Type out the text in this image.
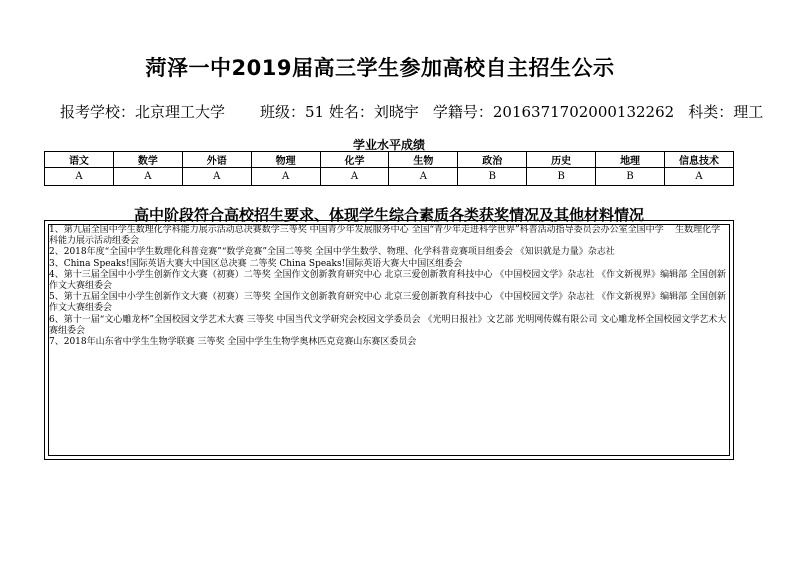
菏泽一中2019届高三学生参加高校自主招生公示
报考学校：北京理工大学 班级：51 姓名：刘晓宇 学籍号：20163717020001322​62 科类：理工
学业水平成绩
语文	数学	外语	物理	化学	生物	政治	历史	地理	信息技术
A	A	A	A	A	A	B	B	B	A
高中阶段符合高校招生要求、体现学生综合素质各类获奖情况及其他材料情况
1、第九届全国中学生数理化学科能力展示活动总决赛数学三等奖 中国青少年发展服务中心 全国“青少年走进科学世界”科普活动指导委员会办公室全国中学    生数理化学科能力展示活动组委会
2、2018年度“全国中学生数理化科普竞赛”“数学竞赛”全国二等奖 全国中学生数学、物理、化学科普竞赛项目组委会 《知识就是力量》杂志社
3、China Speaks!国际英语大赛大中国区总决赛 二等奖 China Speaks!国际英语大赛大中国区组委会
4、第十三届全国中小学生创新作文大赛（初赛）二等奖 全国作文创新教育研究中心 北京三爱创新教育科技中心 《中国校园文学》杂志社 《作文新视界》编辑部 全国创新作文大赛组委会
5、第十五届全国中小学生创新作文大赛（初赛）三等奖 全国作文创新教育研究中心 北京三爱创新教育科技中心 《中国校园文学》杂志社 《作文新视界》编辑部 全国创新作文大赛组委会
6、第十一届“文心雕龙杯”全国校园文学艺术大赛 三等奖 中国当代文学研究会校园文学委员会 《光明日报社》文艺部 光明网传媒有限公司 文心雕龙杯全国校园文学艺术大赛组委会
7、2018年山东省中学生生物学联赛 三等奖 全国中学生生物学奥林匹克竞赛山东赛区委员会
